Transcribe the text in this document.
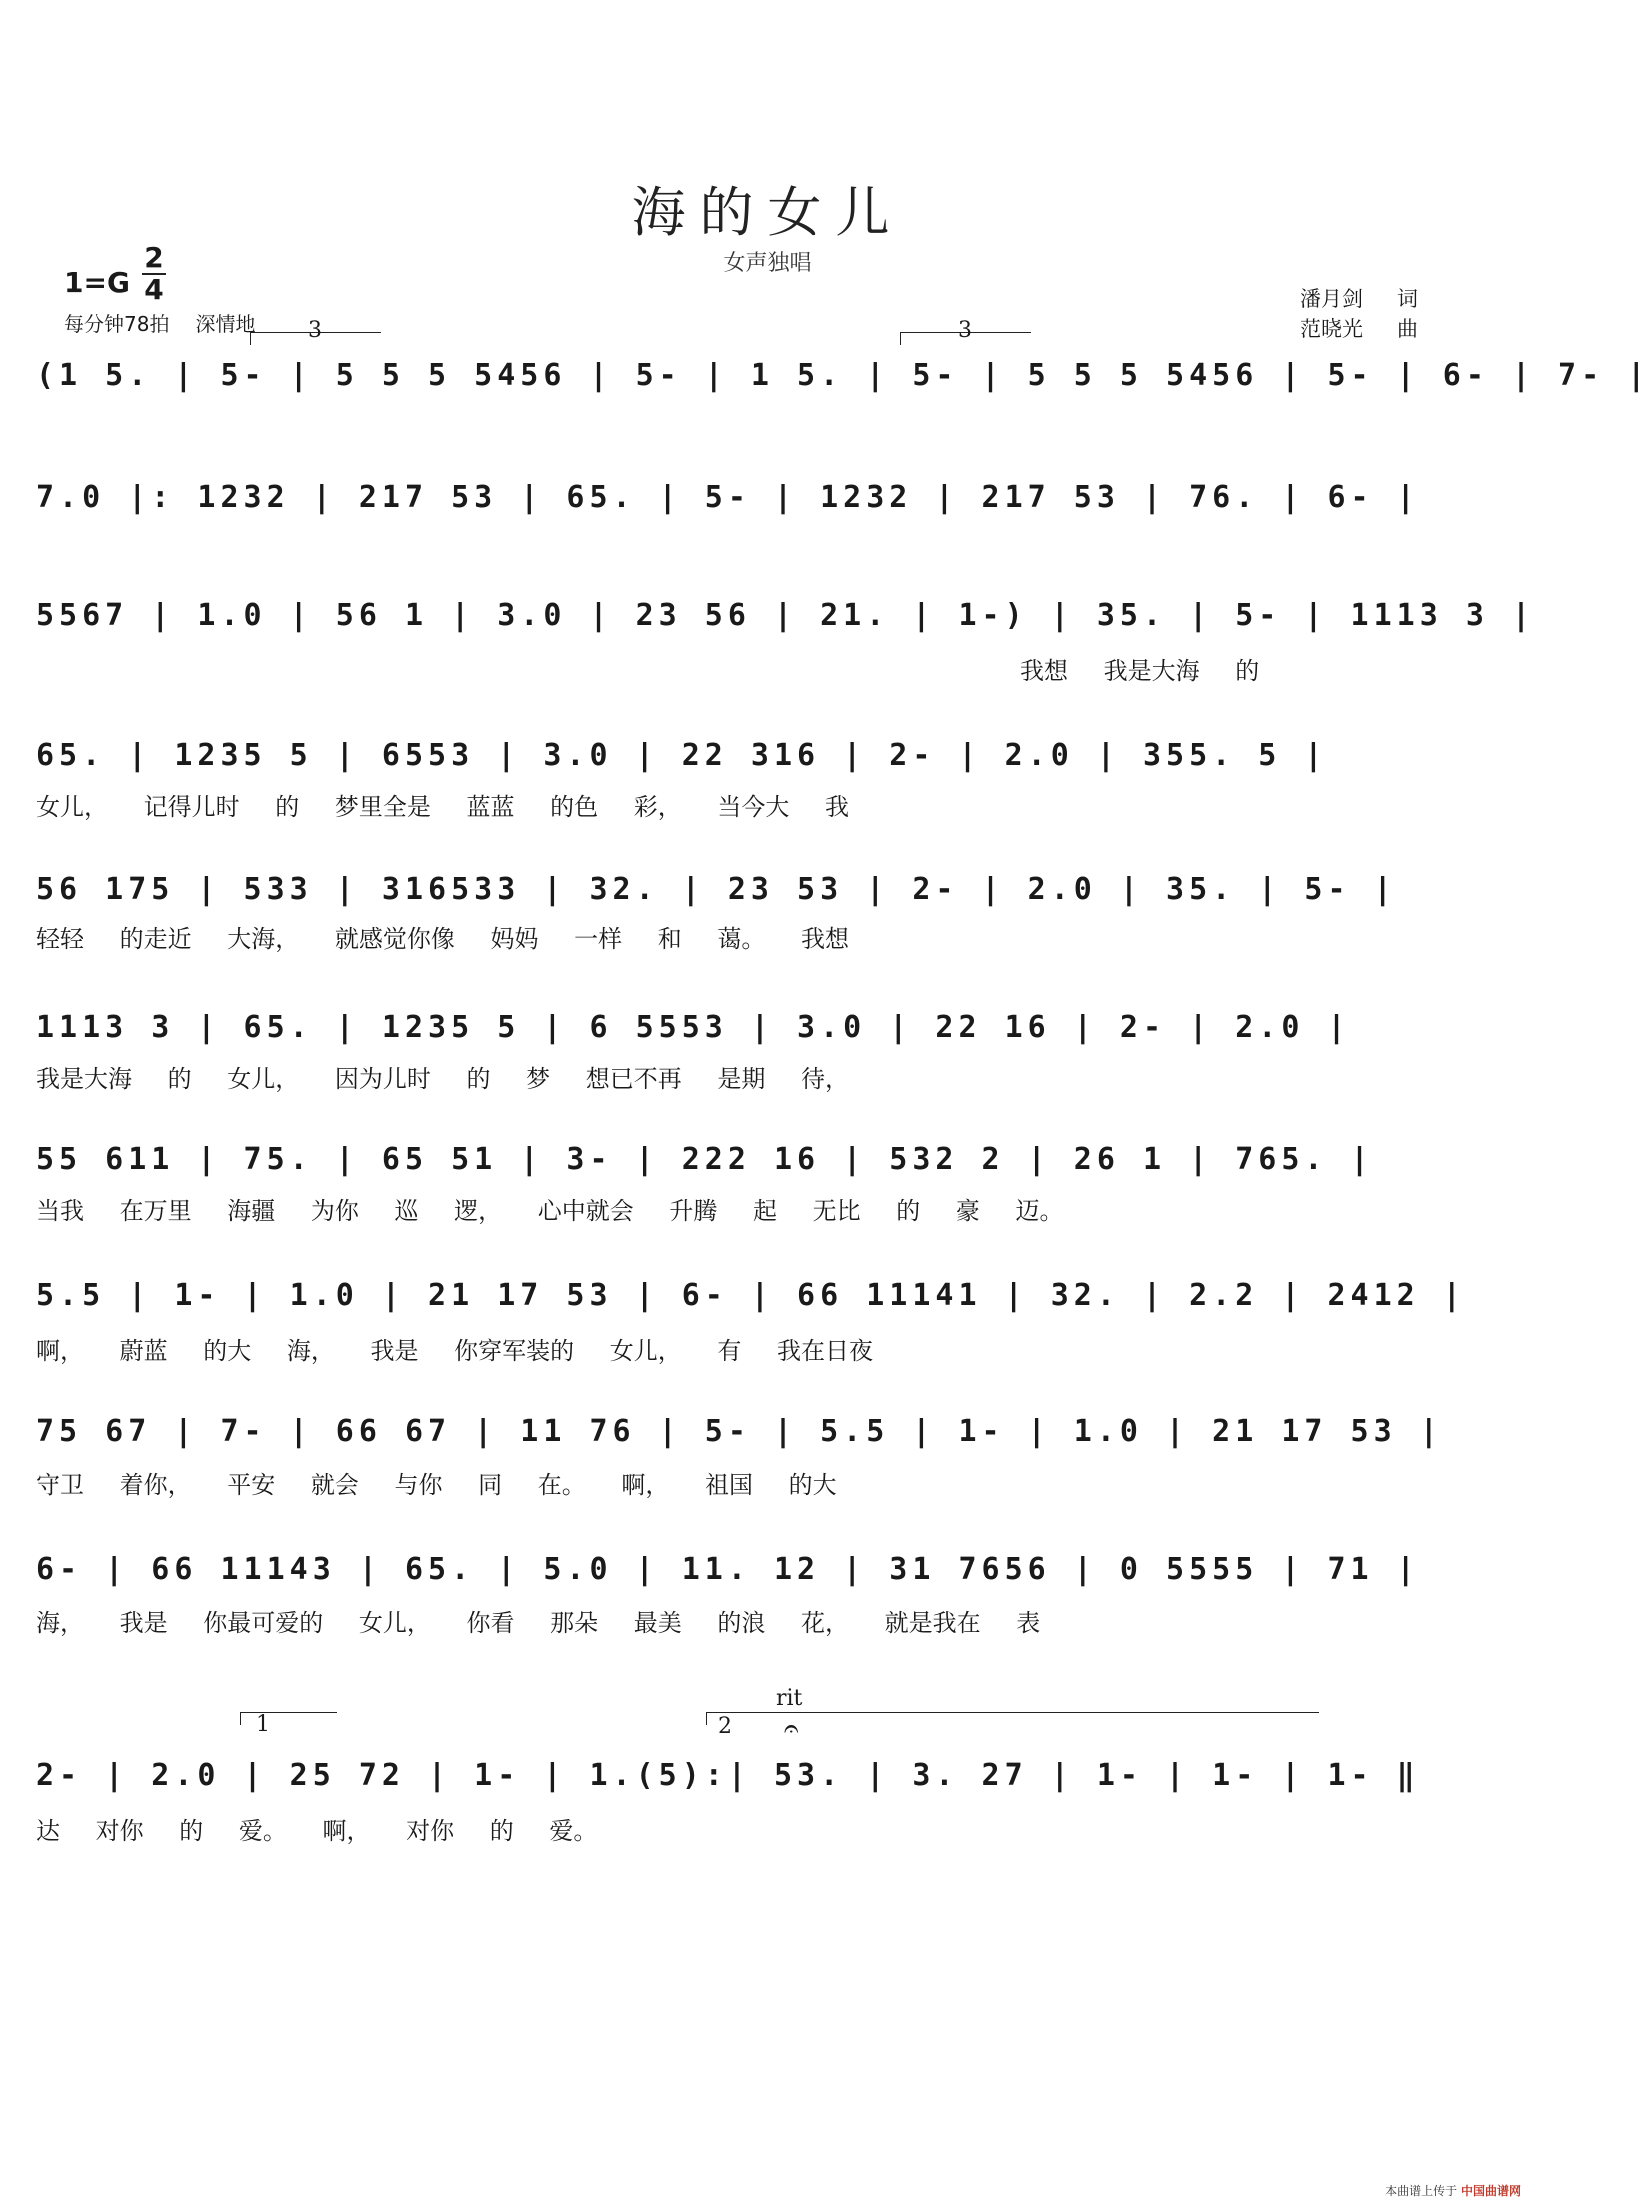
海的女儿
女声独唱
1=G
2
4
每分钟78拍 深情地
潘月剑 词
范晓光 曲
3	3
(1 5. | 5- | 5 5 5 5456 | 5- | 1 5. | 5- | 5 5 5 5456 | 5- | 6- | 7- |
7.0 |: 1232 | 217 53 | 65. | 5- | 1232 | 217 53 | 76. | 6- |
5567 | 1.0 | 56 1 | 3.0 | 23 56 | 21. | 1-) | 35. | 5- | 1113 3 |
我想 我是大海 的
65. | 1235 5 | 6553 | 3.0 | 22 316 | 2- | 2.0 | 355. 5 |
女儿， 记得儿时 的 梦里全是 蓝蓝 的色 彩， 当今大 我
56 175 | 533 | 316533 | 32. | 23 53 | 2- | 2.0 | 35. | 5- |
轻轻 的走近 大海， 就感觉你像 妈妈 一样 和 蔼。 我想
1113 3 | 65. | 1235 5 | 6 5553 | 3.0 | 22 16 | 2- | 2.0 |
我是大海 的 女儿， 因为儿时 的 梦 想已不再 是期 待，
55 611 | 75. | 65 51 | 3- | 222 16 | 532 2 | 26 1 | 765. |
当我 在万里 海疆 为你 巡 逻， 心中就会 升腾 起 无比 的 豪 迈。
5.5 | 1- | 1.0 | 21 17 53 | 6- | 66 11141 | 32. | 2.2 | 2412 |
啊， 蔚蓝 的大 海， 我是 你穿军装的 女儿， 有 我在日夜
75 67 | 7- | 66 67 | 11 76 | 5- | 5.5 | 1- | 1.0 | 21 17 53 |
守卫 着你， 平安 就会 与你 同 在。 啊， 祖国 的大
6- | 66 11143 | 65. | 5.0 | 11. 12 | 31 7656 | 0 5555 | 71 |
海， 我是 你最可爱的 女儿， 你看 那朵 最美 的浪 花， 就是我在 表
1	2
rit
𝄐
2- | 2.0 | 25 72 | 1- | 1.(5):| 53. | 3. 27 | 1- | 1- | 1- ‖
达 对你 的 爱。 啊， 对你 的 爱。
本曲谱上传于 中国曲谱网
